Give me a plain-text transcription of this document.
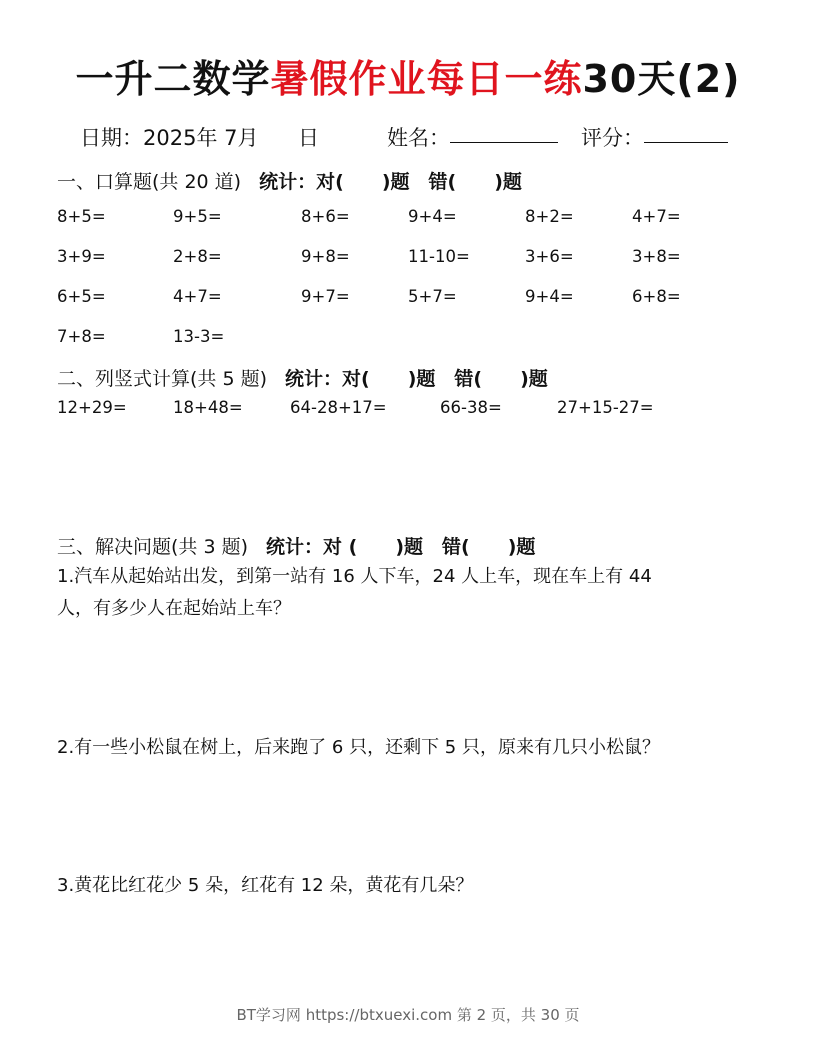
一升二数学暑假作业每日一练30天(2)
日期：2025年 7月 日	姓名：	评分：
一、口算题(共 20 道) 统计：对(　　)题　错(　　)题
8+5=	9+5=	8+6=	9+4=	8+2=	4+7=
3+9=	2+8=	9+8=	11-10=	3+6=	3+8=
6+5=	4+7=	9+7=	5+7=	9+4=	6+8=
7+8=	13-3=
二、列竖式计算(共 5 题) 统计：对(　　)题　错(　　)题
12+29=	18+48=	64-28+17=	66-38=	27+15-27=
三、解决问题(共 3 题) 统计：对 (　　)题　错(　　)题
1.汽车从起始站出发，到第一站有 16 人下车，24 人上车，现在车上有 44
人，有多少人在起始站上车？
2.有一些小松鼠在树上，后来跑了 6 只，还剩下 5 只，原来有几只小松鼠？
3.黄花比红花少 5 朵，红花有 12 朵，黄花有几朵？
BT学习网 https://btxuexi.com 第 2 页，共 30 页
